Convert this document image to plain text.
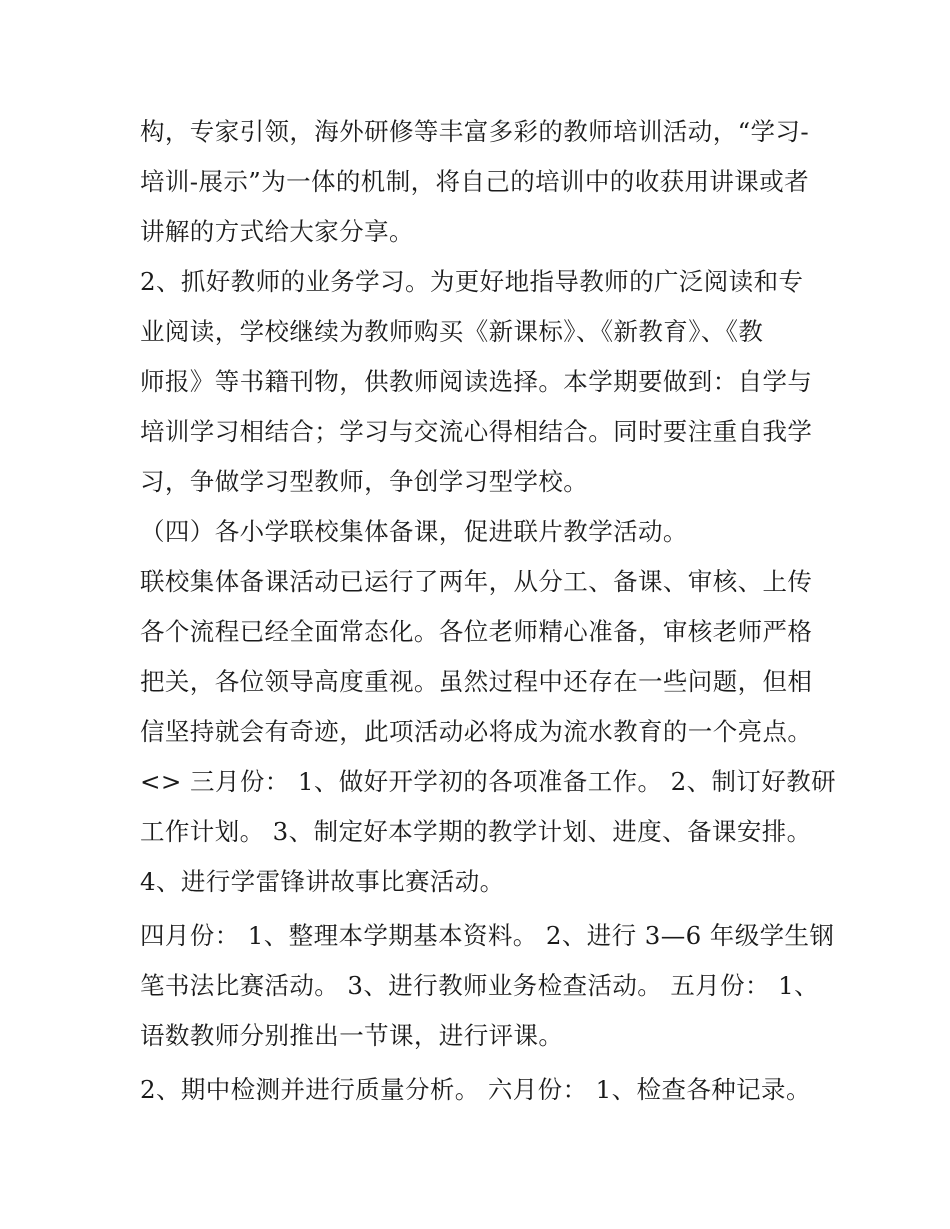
构，专家引领，海外研修等丰富多彩的教师培训活动，“学习-
培训-展示”为一体的机制，将自己的培训中的收获用讲课或者
讲解的方式给大家分享。
2、抓好教师的业务学习。为更好地指导教师的广泛阅读和专
业阅读，学校继续为教师购买《新课标》、《新教育》、《教
师报》等书籍刊物，供教师阅读选择。本学期要做到：自学与
培训学习相结合；学习与交流心得相结合。同时要注重自我学
习，争做学习型教师，争创学习型学校。
（四）各小学联校集体备课，促进联片教学活动。
联校集体备课活动已运行了两年，从分工、备课、审核、上传
各个流程已经全面常态化。各位老师精心准备，审核老师严格
把关，各位领导高度重视。虽然过程中还存在一些问题，但相
信坚持就会有奇迹，此项活动必将成为流水教育的一个亮点。
<> 三月份： 1、做好开学初的各项准备工作。 2、制订好教研
工作计划。 3、制定好本学期的教学计划、进度、备课安排。
4、进行学雷锋讲故事比赛活动。
四月份： 1、整理本学期基本资料。 2、进行 3—6 年级学生钢
笔书法比赛活动。 3、进行教师业务检查活动。 五月份： 1、
语数教师分别推出一节课，进行评课。
2、期中检测并进行质量分析。 六月份： 1、检查各种记录。
